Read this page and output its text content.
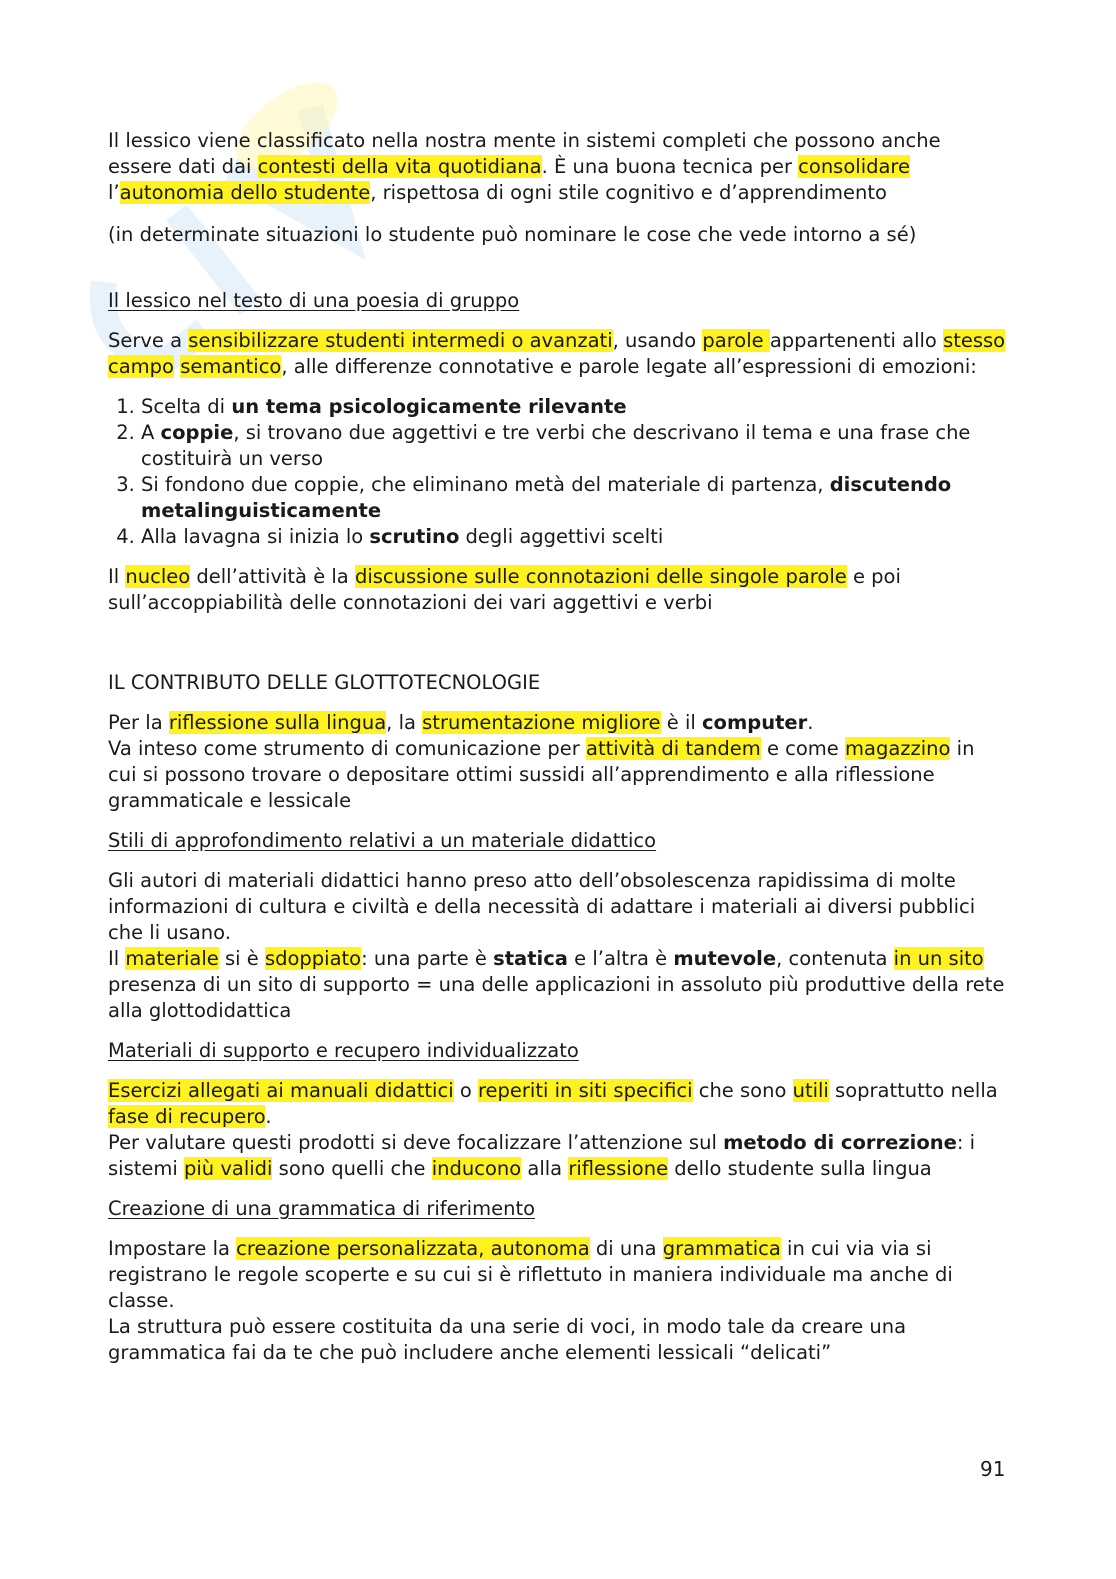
Il lessico viene classificato nella nostra mente in sistemi completi che possono anche essere dati dai contesti della vita quotidiana. È una buona tecnica per consolidare l’autonomia dello studente, rispettosa di ogni stile cognitivo e d’apprendimento

(in determinate situazioni lo studente può nominare le cose che vede intorno a sé)

Il lessico nel testo di una poesia di gruppo

Serve a sensibilizzare studenti intermedi o avanzati, usando parole appartenenti allo stesso campo semantico, alle differenze connotative e parole legate all’espressioni di emozioni:

1. Scelta di un tema psicologicamente rilevante
2. A coppie, si trovano due aggettivi e tre verbi che descrivano il tema e una frase che costituirà un verso
3. Si fondono due coppie, che eliminano metà del materiale di partenza, discutendo metalinguisticamente
4. Alla lavagna si inizia lo scrutino degli aggettivi scelti

Il nucleo dell’attività è la discussione sulle connotazioni delle singole parole e poi sull’accoppiabilità delle connotazioni dei vari aggettivi e verbi

IL CONTRIBUTO DELLE GLOTTOTECNOLOGIE

Per la riflessione sulla lingua, la strumentazione migliore è il computer.
Va inteso come strumento di comunicazione per attività di tandem e come magazzino in cui si possono trovare o depositare ottimi sussidi all’apprendimento e alla riflessione grammaticale e lessicale

Stili di approfondimento relativi a un materiale didattico

Gli autori di materiali didattici hanno preso atto dell’obsolescenza rapidissima di molte informazioni di cultura e civiltà e della necessità di adattare i materiali ai diversi pubblici che li usano.
Il materiale si è sdoppiato: una parte è statica e l’altra è mutevole, contenuta in un sito
presenza di un sito di supporto = una delle applicazioni in assoluto più produttive della rete alla glottodidattica

Materiali di supporto e recupero individualizzato

Esercizi allegati ai manuali didattici o reperiti in siti specifici che sono utili soprattutto nella fase di recupero.
Per valutare questi prodotti si deve focalizzare l’attenzione sul metodo di correzione: i sistemi più validi sono quelli che inducono alla riflessione dello studente sulla lingua

Creazione di una grammatica di riferimento

Impostare la creazione personalizzata, autonoma di una grammatica in cui via via si registrano le regole scoperte e su cui si è riflettuto in maniera individuale ma anche di classe.
La struttura può essere costituita da una serie di voci, in modo tale da creare una grammatica fai da te che può includere anche elementi lessicali “delicati”

91
